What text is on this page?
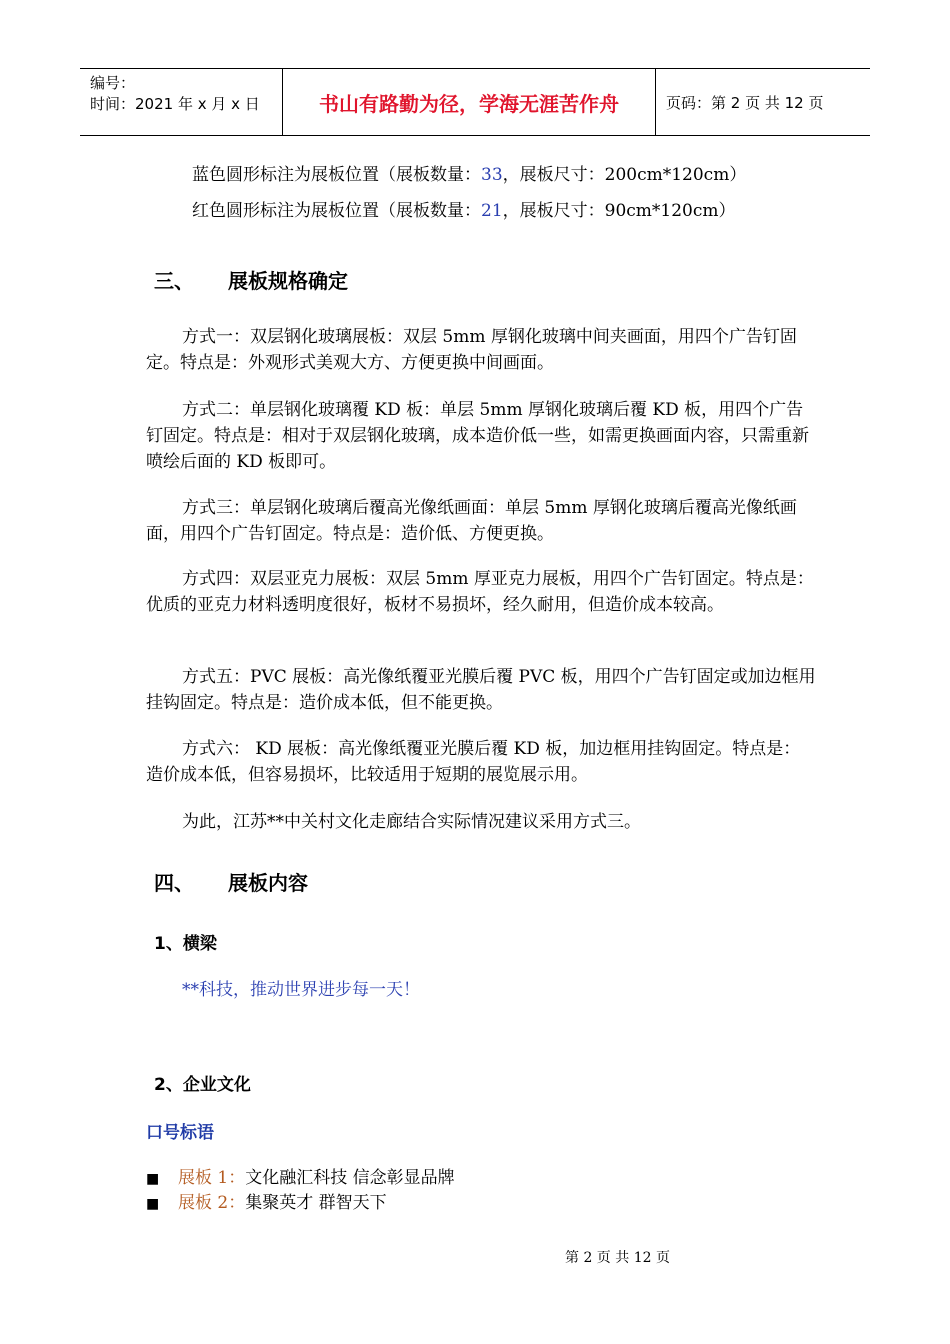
编号：
时间：2021 年 x 月 x 日	书山有路勤为径，学海无涯苦作舟	页码：第 2 页 共 12 页
蓝色圆形标注为展板位置（展板数量：33，展板尺寸：200cm*120cm）
红色圆形标注为展板位置（展板数量：21，展板尺寸：90cm*120cm）
三、 展板规格确定
方式一：双层钢化玻璃展板：双层 5mm 厚钢化玻璃中间夹画面，用四个广告钉固定。特点是：外观形式美观大方、方便更换中间画面。
方式二：单层钢化玻璃覆 KD 板：单层 5mm 厚钢化玻璃后覆 KD 板，用四个广告钉固定。特点是：相对于双层钢化玻璃，成本造价低一些，如需更换画面内容，只需重新喷绘后面的 KD 板即可。
方式三：单层钢化玻璃后覆高光像纸画面：单层 5mm 厚钢化玻璃后覆高光像纸画面，用四个广告钉固定。特点是：造价低、方便更换。
方式四：双层亚克力展板：双层 5mm 厚亚克力展板，用四个广告钉固定。特点是：优质的亚克力材料透明度很好，板材不易损坏，经久耐用，但造价成本较高。
方式五：PVC 展板：高光像纸覆亚光膜后覆 PVC 板，用四个广告钉固定或加边框用挂钩固定。特点是：造价成本低，但不能更换。
方式六： KD 展板：高光像纸覆亚光膜后覆 KD 板，加边框用挂钩固定。特点是：造价成本低，但容易损坏，比较适用于短期的展览展示用。
为此，江苏**中关村文化走廊结合实际情况建议采用方式三。
四、 展板内容
1、横梁
**科技，推动世界进步每一天！
2、企业文化
口号标语
■ 展板 1：文化融汇科技 信念彰显品牌
■ 展板 2：集聚英才 群智天下
第 2 页 共 12 页
